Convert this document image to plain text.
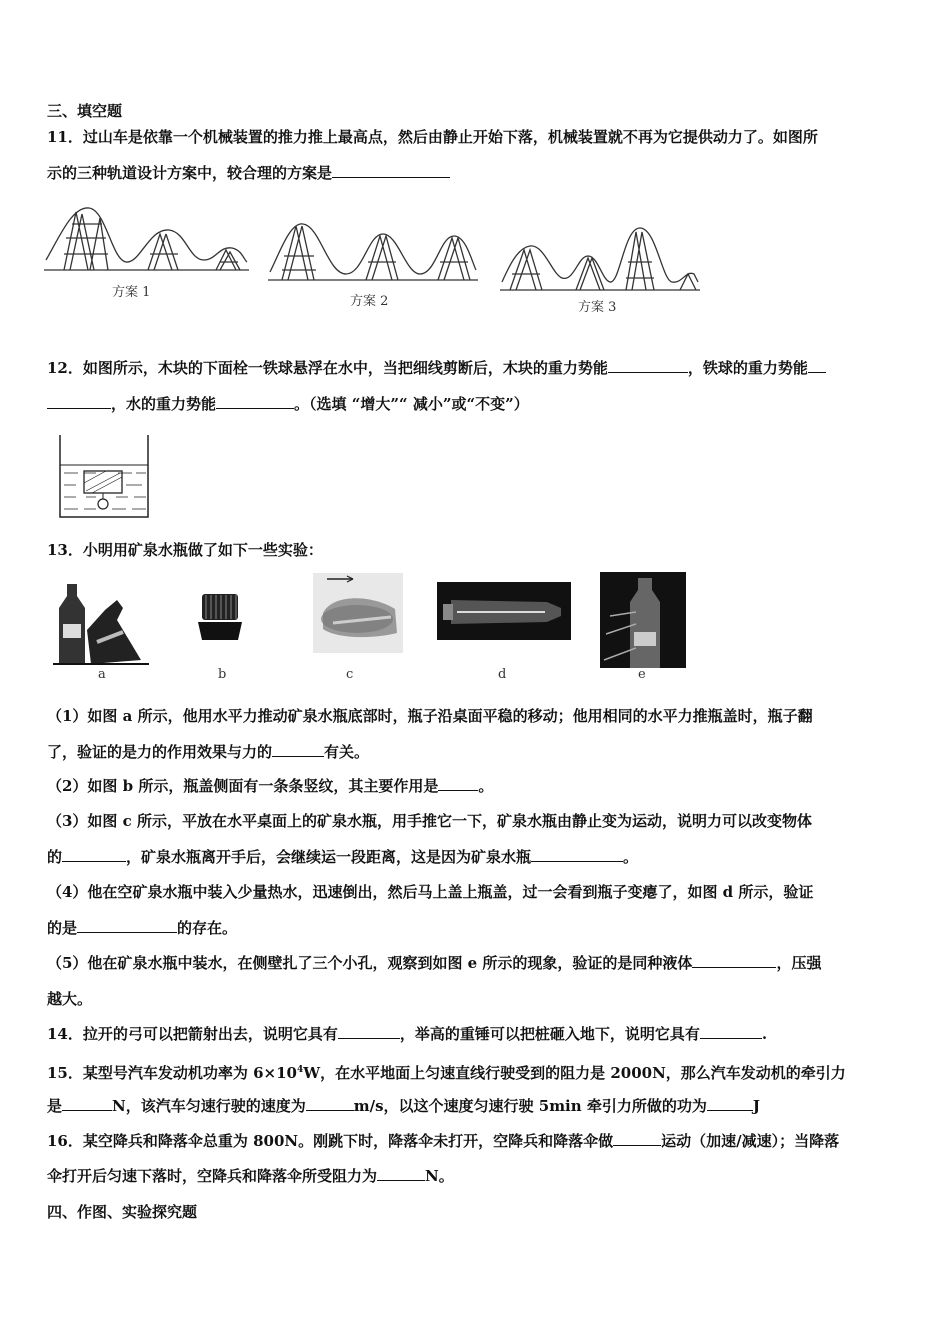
三、填空题
11．过山车是依靠一个机械装置的推力推上最高点，然后由静止开始下落，机械装置就不再为它提供动力了。如图所
示的三种轨道设计方案中，较合理的方案是
方案 1
方案 2	方案 3
12．如图所示，木块的下面栓一铁球悬浮在水中，当把细线剪断后，木块的重力势能	，铁球的重力势能
，水的重力势能	。（选填 “增大”“ 减小”或“不变”）
13．小明用矿泉水瓶做了如下一些实验：
a	b	c	d	e
（1）如图 a 所示，他用水平力推动矿泉水瓶底部时，瓶子沿桌面平稳的移动；他用相同的水平力推瓶盖时，瓶子翻
了，验证的是力的作用效果与力的	有关。
（2）如图 b 所示，瓶盖侧面有一条条竖纹，其主要作用是	。
（3）如图 c 所示，平放在水平桌面上的矿泉水瓶，用手推它一下，矿泉水瓶由静止变为运动，说明力可以改变物体
的	，矿泉水瓶离开手后，会继续运一段距离，这是因为矿泉水瓶	。
（4）他在空矿泉水瓶中装入少量热水，迅速倒出，然后马上盖上瓶盖，过一会看到瓶子变瘪了，如图 d 所示，验证
的是	的存在。
（5）他在矿泉水瓶中装水，在侧壁扎了三个小孔，观察到如图 e 所示的现象，验证的是同种液体	，压强
越大。
14．拉开的弓可以把箭射出去，说明它具有	，举高的重锤可以把桩砸入地下，说明它具有	.
15．某型号汽车发动机功率为 $6\times 10^4W$，在水平地面上匀速直线行驶受到的阻力是 2000N，那么汽车发动机的牵引力
是	N，该汽车匀速行驶的速度为	m/s，以这个速度匀速行驶 5min 牵引力所做的功为	J
16．某空降兵和降落伞总重为 800N。刚跳下时，降落伞未打开，空降兵和降落伞做	运动（加速/减速）；当降落
伞打开后匀速下落时，空降兵和降落伞所受阻力为	N。
四、作图、实验探究题
